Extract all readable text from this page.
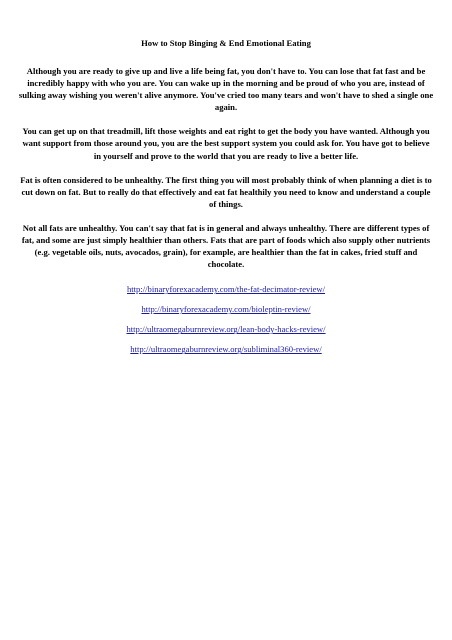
How to Stop Binging & End Emotional Eating
Although you are ready to give up and live a life being fat, you don't have to. You can lose that fat fast and be incredibly happy with who you are. You can wake up in the morning and be proud of who you are, instead of sulking away wishing you weren't alive anymore. You've cried too many tears and won't have to shed a single one again.
You can get up on that treadmill, lift those weights and eat right to get the body you have wanted. Although you want support from those around you, you are the best support system you could ask for. You have got to believe in yourself and prove to the world that you are ready to live a better life.
Fat is often considered to be unhealthy. The first thing you will most probably think of when planning a diet is to cut down on fat. But to really do that effectively and eat fat healthily you need to know and understand a couple of things.
Not all fats are unhealthy. You can't say that fat is in general and always unhealthy. There are different types of fat, and some are just simply healthier than others. Fats that are part of foods which also supply other nutrients (e.g. vegetable oils, nuts, avocados, grain), for example, are healthier than the fat in cakes, fried stuff and chocolate.
http://binaryforexacademy.com/the-fat-decimator-review/
http://binaryforexacademy.com/bioleptin-review/
http://ultraomegaburnreview.org/lean-body-hacks-review/
http://ultraomegaburnreview.org/subliminal360-review/
